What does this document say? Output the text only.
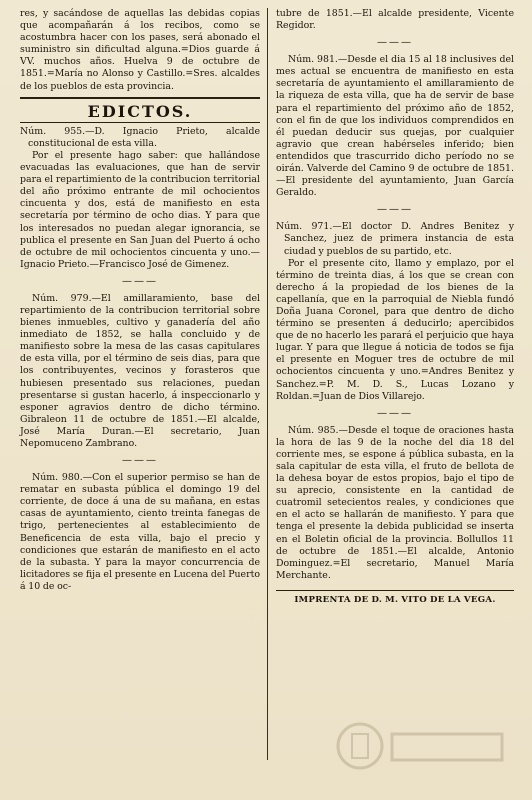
res, y sacándose de aquellas las debidas copias que acompañarán á los recibos, como se acostumbra hacer con los pases, será abonado el suministro sin dificultad alguna.=Dios guarde á VV. muchos años. Huelva 9 de octubre de 1851.=María no Alonso y Castillo.=Sres. alcaldes de los pueblos de esta provincia.

EDICTOS.

Núm. 955.—D. Ignacio Prieto, alcalde constitucional de esta villa.

Por el presente hago saber: que hallándose evacuadas las evaluaciones, que han de servir para el repartimiento de la contribucion territorial del año próximo entrante de mil ochocientos cincuenta y dos, está de manifiesto en esta secretaría por término de ocho dias. Y para que los interesados no puedan alegar ignorancia, se publica el presente en San Juan del Puerto á ocho de octubre de mil ochocientos cincuenta y uno.—Ignacio Prieto.—Francisco José de Gimenez.

———

Núm. 979.—El amillaramiento, base del repartimiento de la contribucion territorial sobre bienes inmuebles, cultivo y ganadería del año inmediato de 1852, se halla concluido y de manifiesto sobre la mesa de las casas capitulares de esta villa, por el término de seis dias, para que los contribuyentes, vecinos y forasteros que hubiesen presentado sus relaciones, puedan presentarse si gustan hacerlo, á inspeccionarlo y esponer agravios dentro de dicho término. Gibraleon 11 de octubre de 1851.—El alcalde, José María Duran.—El secretario, Juan Nepomuceno Zambrano.

———

Núm. 980.—Con el superior permiso se han de rematar en subasta pública el domingo 19 del corriente, de doce á una de su mañana, en estas casas de ayuntamiento, ciento treinta fanegas de trigo, pertenecientes al establecimiento de Beneficencia de esta villa, bajo el precio y condiciones que estarán de manifiesto en el acto de la subasta. Y para la mayor concurrencia de licitadores se fija el presente en Lucena del Puerto á 10 de oc-

tubre de 1851.—El alcalde presidente, Vicente Regidor.

———

Núm. 981.—Desde el dia 15 al 18 inclusives del mes actual se encuentra de manifiesto en esta secretaría de ayuntamiento el amillaramiento de la riqueza de esta villa, que ha de servir de base para el repartimiento del próximo año de 1852, con el fin de que los individuos comprendidos en él puedan deducir sus quejas, por cualquier agravio que crean habérseles inferido; bien entendidos que trascurrido dicho período no se oirán. Valverde del Camino 9 de octubre de 1851.—El presidente del ayuntamiento, Juan García Geraldo.

———

Núm. 971.—El doctor D. Andres Benitez y Sanchez, juez de primera instancia de esta ciudad y pueblos de su partido, etc.

Por el presente cito, llamo y emplazo, por el término de treinta dias, á los que se crean con derecho á la propiedad de los bienes de la capellanía, que en la parroquial de Niebla fundó Doña Juana Coronel, para que dentro de dicho término se presenten á deducirlo; apercibidos que de no hacerlo les parará el perjuicio que haya lugar. Y para que llegue á noticia de todos se fija el presente en Moguer tres de octubre de mil ochocientos cincuenta y uno.=Andres Benitez y Sanchez.=P. M. D. S., Lucas Lozano y Roldan.=Juan de Dios Villarejo.

———

Núm. 985.—Desde el toque de oraciones hasta la hora de las 9 de la noche del dia 18 del corriente mes, se espone á pública subasta, en la sala capitular de esta villa, el fruto de bellota de la dehesa boyar de estos propios, bajo el tipo de su aprecio, consistente en la cantidad de cuatromil setecientos reales, y condiciones que en el acto se hallarán de manifiesto. Y para que tenga el presente la debida publicidad se inserta en el Boletin oficial de la provincia. Bollullos 11 de octubre de 1851.—El alcalde, Antonio Dominguez.=El secretario, Manuel María Merchante.

IMPRENTA DE D. M. VITO DE LA VEGA.
